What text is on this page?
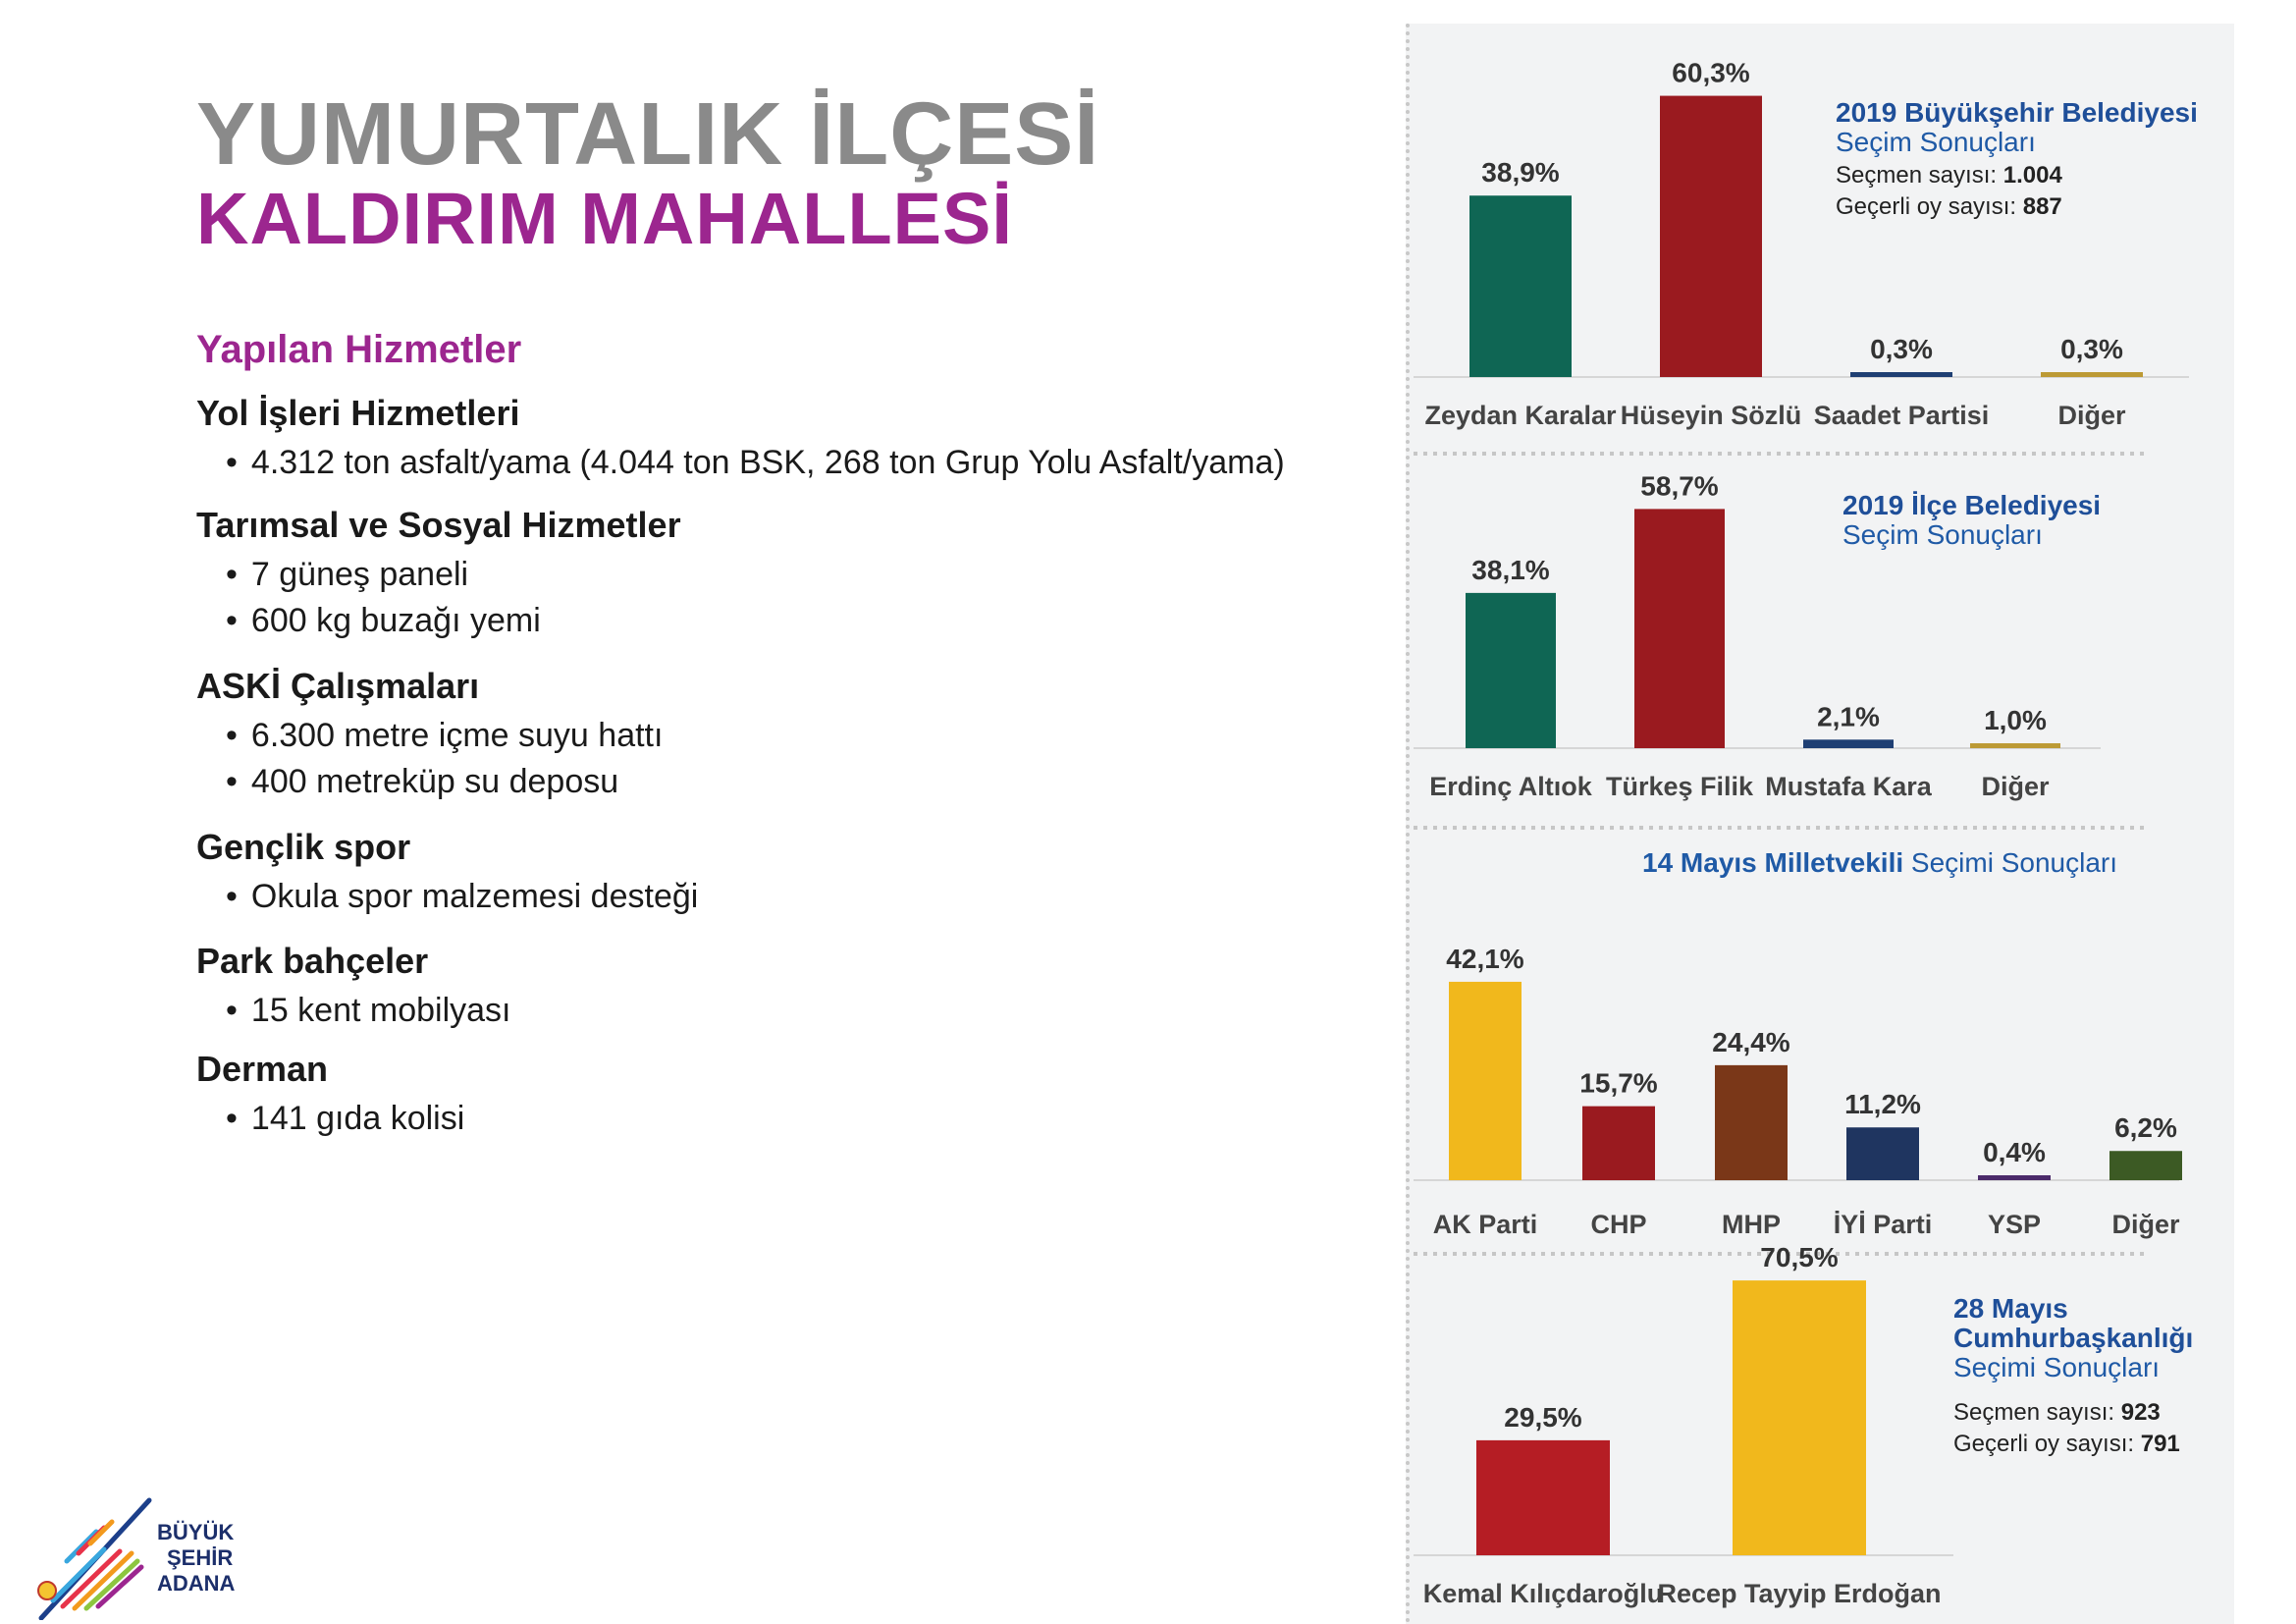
YUMURTALIK İLÇESİ
KALDIRIM MAHALLESİ
Yapılan Hizmetler
Yol İşleri Hizmetleri
• 4.312 ton asfalt/yama (4.044 ton BSK, 268 ton Grup Yolu Asfalt/yama)
Tarımsal ve Sosyal Hizmetler
• 7 güneş paneli
• 600 kg buzağı yemi
ASKİ Çalışmaları
• 6.300 metre içme suyu hattı
• 400 metreküp su deposu
Gençlik spor
• Okula spor malzemesi desteği
Park bahçeler
• 15 kent mobilyası
Derman
• 141 gıda kolisi
38,9%
Zeydan Karalar
60,3%
Hüseyin Sözlü
0,3%
Saadet Partisi
0,3%
Diğer
2019 Büyükşehir Belediyesi
Seçim Sonuçları
Seçmen sayısı: 1.004
Geçerli oy sayısı: 887
38,1%
Erdinç Altıok
58,7%
Türkeş Filik
2,1%
Mustafa Kara
1,0%
Diğer
2019 İlçe Belediyesi
Seçim Sonuçları
42,1%
AK Parti
15,7%
CHP
24,4%
MHP
11,2%
İYİ Parti
0,4%
YSP
6,2%
Diğer
14 Mayıs Milletvekili Seçimi Sonuçları
29,5%
Kemal Kılıçdaroğlu
70,5%
Recep Tayyip Erdoğan
28 Mayıs
Cumhurbaşkanlığı
Seçimi Sonuçları
Seçmen sayısı: 923
Geçerli oy sayısı: 791
BÜYÜK
ŞEHİR
ADANA
